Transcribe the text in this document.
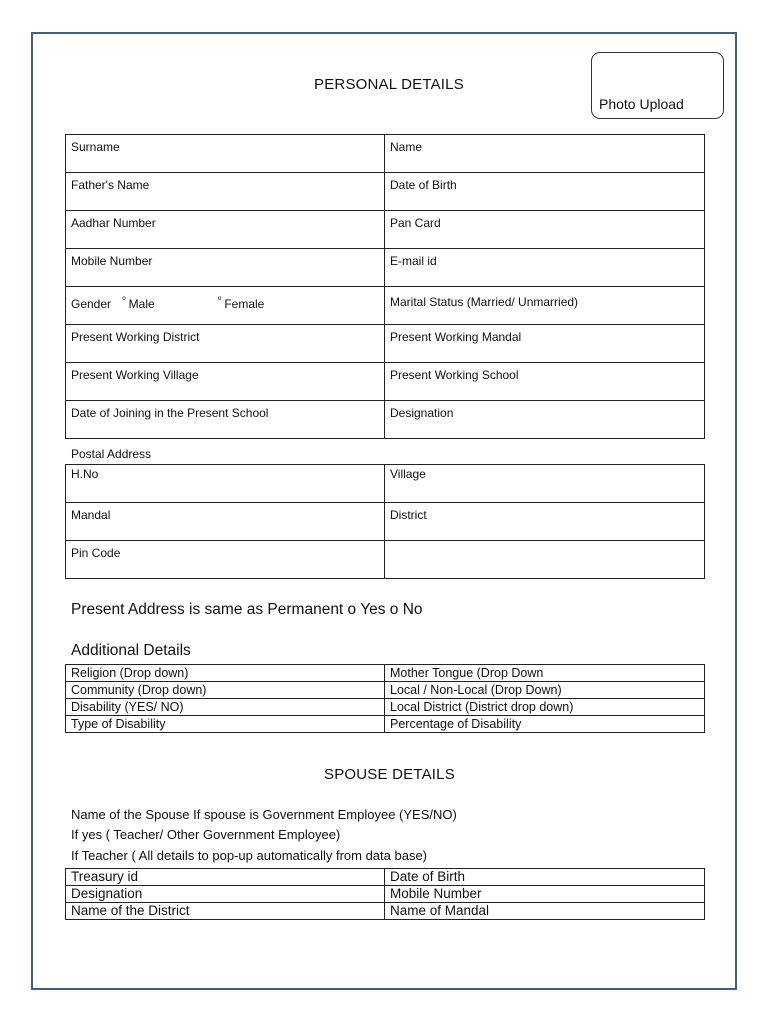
PERSONAL DETAILS
Photo Upload
Surname	Name
Father's Name	Date of Birth
Aadhar Number	Pan Card
Mobile Number	E-mail id
Gender $^º$ Male $^º$ Female	Marital Status (Married/ Unmarried)
Present Working District	Present Working Mandal
Present Working Village	Present Working School
Date of Joining in the Present School	Designation
Postal Address
H.No	Village
Mandal	District
Pin Code	
Present Address is same as Permanent o Yes o No
Additional Details
Religion (Drop down)	Mother Tongue (Drop Down
Community (Drop down)	Local / Non-Local (Drop Down)
Disability (YES/ NO)	Local District (District drop down)
Type of Disability	Percentage of Disability
SPOUSE DETAILS
Name of the Spouse If spouse is Government Employee (YES/NO)
If yes ( Teacher/ Other Government Employee)
If Teacher ( All details to pop-up automatically from data base)
Treasury id	Date of Birth
Designation	Mobile Number
Name of the District	Name of Mandal
